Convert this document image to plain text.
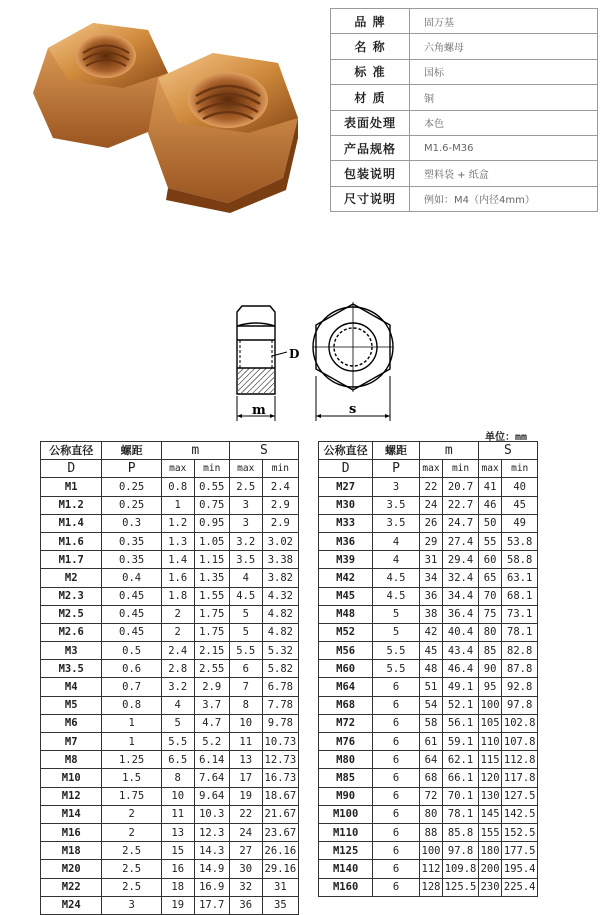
品 牌	固万基
名 称	六角螺母
标 准	国标
材 质	铜
表面处理	本色
产品规格	M1.6-M36
包装说明	塑料袋 + 纸盒
尺寸说明	例如：M4（内径4mm）
D
m	s
单位：mm
公称直径	螺距	m		S	
D	P				
		max	min	max	min
M1	0.25	0.8	0.55	2.5	2.4
M1.2	0.25	1	0.75	3	2.9
M1.4	0.3	1.2	0.95	3	2.9
M1.6	0.35	1.3	1.05	3.2	3.02
M1.7	0.35	1.4	1.15	3.5	3.38
M2	0.4	1.6	1.35	4	3.82
M2.3	0.45	1.8	1.55	4.5	4.32
M2.5	0.45	2	1.75	5	4.82
M2.6	0.45	2	1.75	5	4.82
M3	0.5	2.4	2.15	5.5	5.32
M3.5	0.6	2.8	2.55	6	5.82
M4	0.7	3.2	2.9	7	6.78
M5	0.8	4	3.7	8	7.78
M6	1	5	4.7	10	9.78
M7	1	5.5	5.2	11	10.73
M8	1.25	6.5	6.14	13	12.73
M10	1.5	8	7.64	17	16.73
M12	1.75	10	9.64	19	18.67
M14	2	11	10.3	22	21.67
M16	2	13	12.3	24	23.67
M18	2.5	15	14.3	27	26.16
M20	2.5	16	14.9	30	29.16
M22	2.5	18	16.9	32	31
M24	3	19	17.7	36	35
公称直径	螺距	m		S	
D	P				
		max	min	max	min
M27	3	22	20.7	41	40
M30	3.5	24	22.7	46	45
M33	3.5	26	24.7	50	49
M36	4	29	27.4	55	53.8
M39	4	31	29.4	60	58.8
M42	4.5	34	32.4	65	63.1
M45	4.5	36	34.4	70	68.1
M48	5	38	36.4	75	73.1
M52	5	42	40.4	80	78.1
M56	5.5	45	43.4	85	82.8
M60	5.5	48	46.4	90	87.8
M64	6	51	49.1	95	92.8
M68	6	54	52.1	100	97.8
M72	6	58	56.1	105	102.8
M76	6	61	59.1	110	107.8
M80	6	64	62.1	115	112.8
M85	6	68	66.1	120	117.8
M90	6	72	70.1	130	127.5
M100	6	80	78.1	145	142.5
M110	6	88	85.8	155	152.5
M125	6	100	97.8	180	177.5
M140	6	112	109.8	200	195.4
M160	6	128	125.5	230	225.4
